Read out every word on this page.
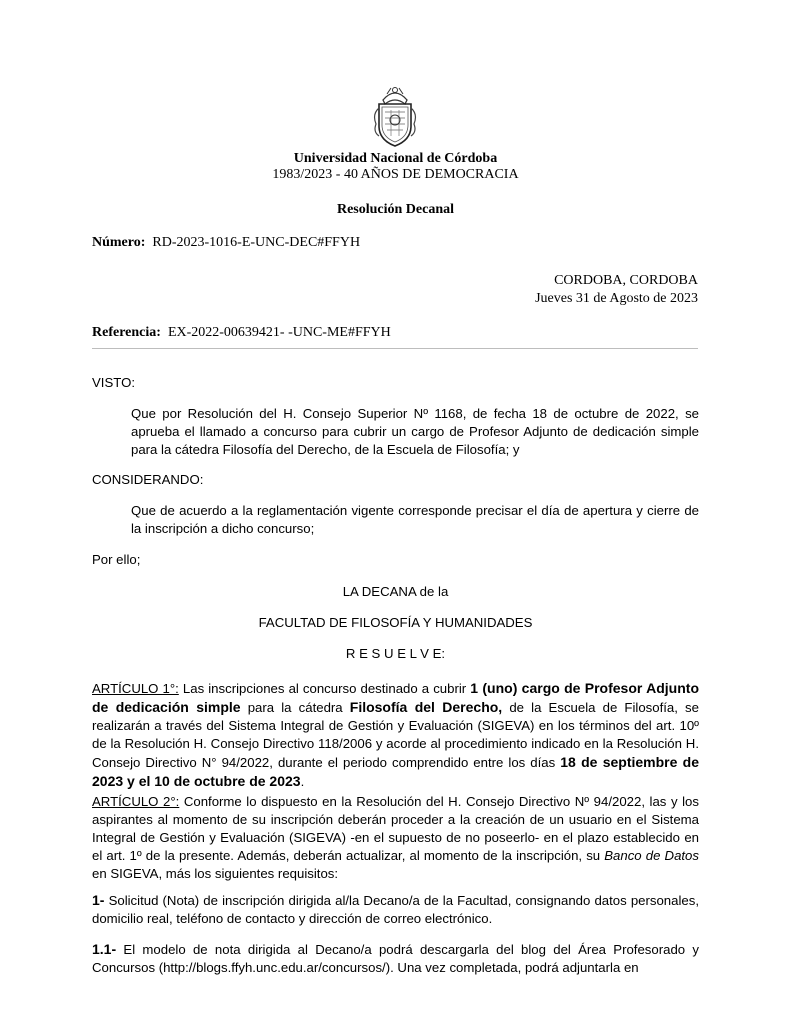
Universidad Nacional de Córdoba
1983/2023 - 40 AÑOS DE DEMOCRACIA
Resolución Decanal
Número: RD-2023-1016-E-UNC-DEC#FFYH
CORDOBA, CORDOBA
Jueves 31 de Agosto de 2023
Referencia: EX-2022-00639421- -UNC-ME#FFYH
VISTO:
Que por Resolución del H. Consejo Superior Nº 1168, de fecha 18 de octubre de 2022, se aprueba el llamado a concurso para cubrir un cargo de Profesor Adjunto de dedicación simple para la cátedra Filosofía del Derecho, de la Escuela de Filosofía; y
CONSIDERANDO:
Que de acuerdo a la reglamentación vigente corresponde precisar el día de apertura y cierre de la inscripción a dicho concurso;
Por ello;
LA DECANA de la
FACULTAD DE FILOSOFÍA Y HUMANIDADES
R E S U E L V E:
ARTÍCULO 1°: Las inscripciones al concurso destinado a cubrir 1 (uno) cargo de Profesor Adjunto de dedicación simple para la cátedra Filosofía del Derecho, de la Escuela de Filosofía, se realizarán a través del Sistema Integral de Gestión y Evaluación (SIGEVA) en los términos del art. 10º de la Resolución H. Consejo Directivo 118/2006 y acorde al procedimiento indicado en la Resolución H. Consejo Directivo N° 94/2022, durante el periodo comprendido entre los días 18 de septiembre de 2023 y el 10 de octubre de 2023.
ARTÍCULO 2°: Conforme lo dispuesto en la Resolución del H. Consejo Directivo Nº 94/2022, las y los aspirantes al momento de su inscripción deberán proceder a la creación de un usuario en el Sistema Integral de Gestión y Evaluación (SIGEVA) -en el supuesto de no poseerlo- en el plazo establecido en el art. 1º de la presente. Además, deberán actualizar, al momento de la inscripción, su Banco de Datos en SIGEVA, más los siguientes requisitos:
1- Solicitud (Nota) de inscripción dirigida al/la Decano/a de la Facultad, consignando datos personales, domicilio real, teléfono de contacto y dirección de correo electrónico.
1.1- El modelo de nota dirigida al Decano/a podrá descargarla del blog del Área Profesorado y Concursos (http://blogs.ffyh.unc.edu.ar/concursos/). Una vez completada, podrá adjuntarla en
